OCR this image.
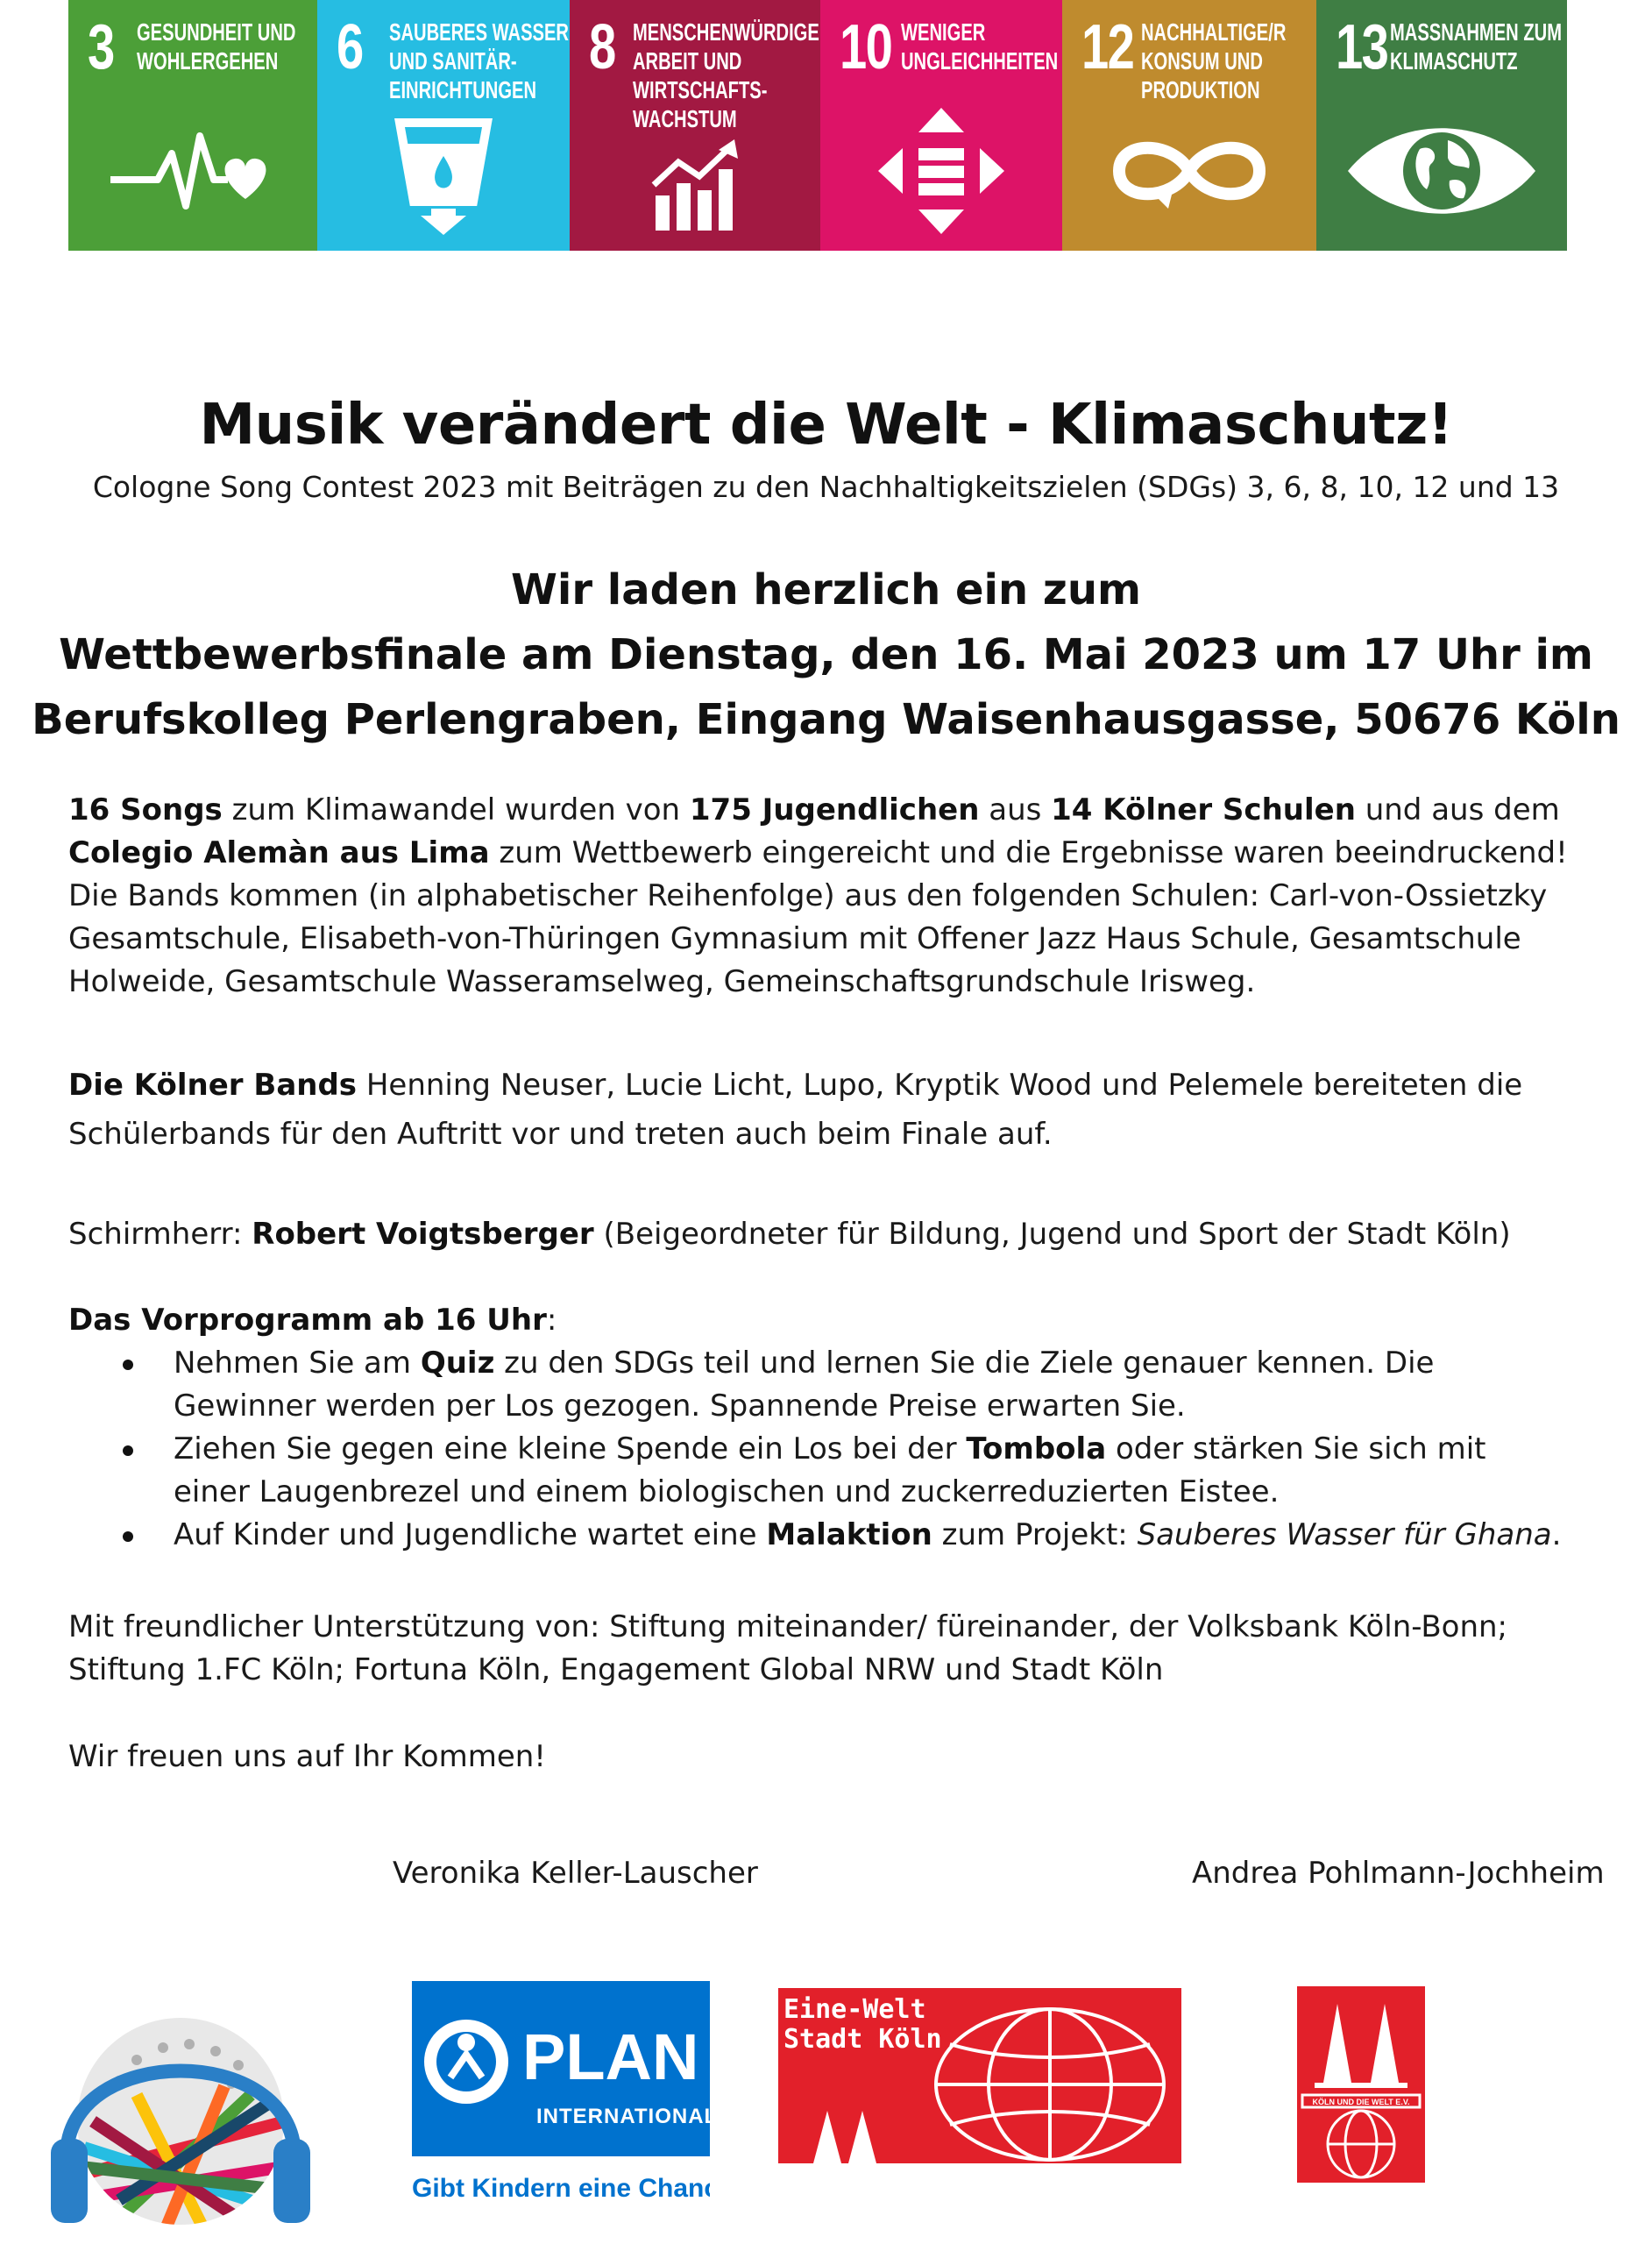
3 GESUNDHEIT UND
WOHLERGEHEN 6 SAUBERES WASSER
UND SANITÄR-
EINRICHTUNGEN
8 MENSCHENWÜRDIGE
ARBEIT UND
WIRTSCHAFTS-
WACHSTUM
10 WENIGER
UNGLEICHHEITEN 12 NACHHALTIGE/R
KONSUM UND
PRODUKTION
13 MASSNAHMEN ZUM
KLIMASCHUTZ
Musik verändert die Welt - Klimaschutz!
Cologne Song Contest 2023 mit Beiträgen zu den Nachhaltigkeitszielen (SDGs) 3, 6, 8, 10, 12 und 13
Wir laden herzlich ein zum
Wettbewerbsfinale am Dienstag, den 16. Mai 2023 um 17 Uhr im
Berufskolleg Perlengraben, Eingang Waisenhausgasse, 50676 Köln
16 Songs zum Klimawandel wurden von 175 Jugendlichen aus 14 Kölner Schulen und aus dem Colegio Alemàn aus Lima zum Wettbewerb eingereicht und die Ergebnisse waren beeindruckend! Die Bands kommen (in alphabetischer Reihenfolge) aus den folgenden Schulen: Carl-von-Ossietzky Gesamtschule, Elisabeth-von-Thüringen Gymnasium mit Offener Jazz Haus Schule, Gesamtschule Holweide, Gesamtschule Wasseramselweg, Gemeinschaftsgrundschule Irisweg.
Die Kölner Bands Henning Neuser, Lucie Licht, Lupo, Kryptik Wood und Pelemele bereiteten die Schülerbands für den Auftritt vor und treten auch beim Finale auf.
Schirmherr: Robert Voigtsberger (Beigeordneter für Bildung, Jugend und Sport der Stadt Köln)
Das Vorprogramm ab 16 Uhr:
Nehmen Sie am Quiz zu den SDGs teil und lernen Sie die Ziele genauer kennen. Die Gewinner werden per Los gezogen. Spannende Preise erwarten Sie.
Ziehen Sie gegen eine kleine Spende ein Los bei der Tombola oder stärken Sie sich mit einer Laugenbrezel und einem biologischen und zuckerreduzierten Eistee.
Auf Kinder und Jugendliche wartet eine Malaktion zum Projekt: Sauberes Wasser für Ghana.
Mit freundlicher Unterstützung von: Stiftung miteinander/ füreinander, der Volksbank Köln-Bonn;
Stiftung 1.FC Köln; Fortuna Köln, Engagement Global NRW und Stadt Köln
Wir freuen uns auf Ihr Kommen!
Veronika Keller-Lauscher	Andrea Pohlmann-Jochheim
PLAN
INTERNATIONAL
Gibt Kindern eine Chance
Eine-Welt
Stadt Köln
KÖLN UND DIE WELT E.V.
